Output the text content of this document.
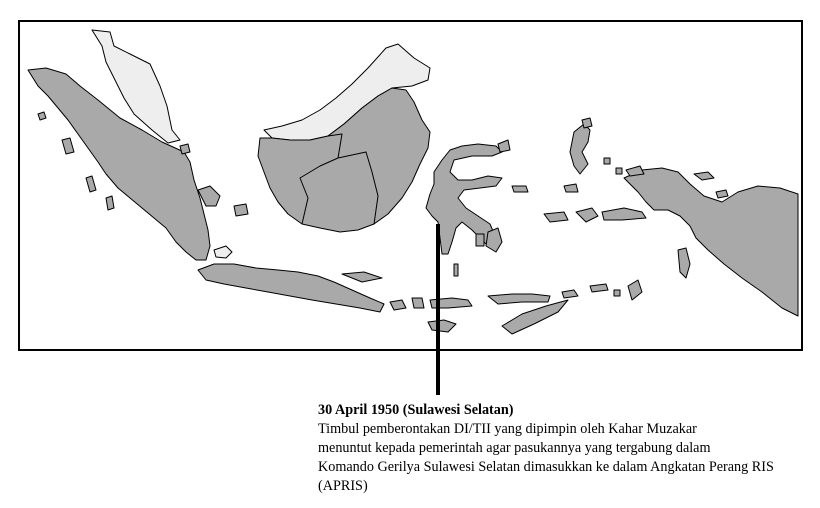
30 April 1950 (Sulawesi Selatan)
Timbul pemberontakan DI/TII yang dipimpin oleh Kahar Muzakar
menuntut kepada pemerintah agar pasukannya yang tergabung dalam
Komando Gerilya Sulawesi Selatan dimasukkan ke dalam Angkatan Perang RIS
(APRIS)
